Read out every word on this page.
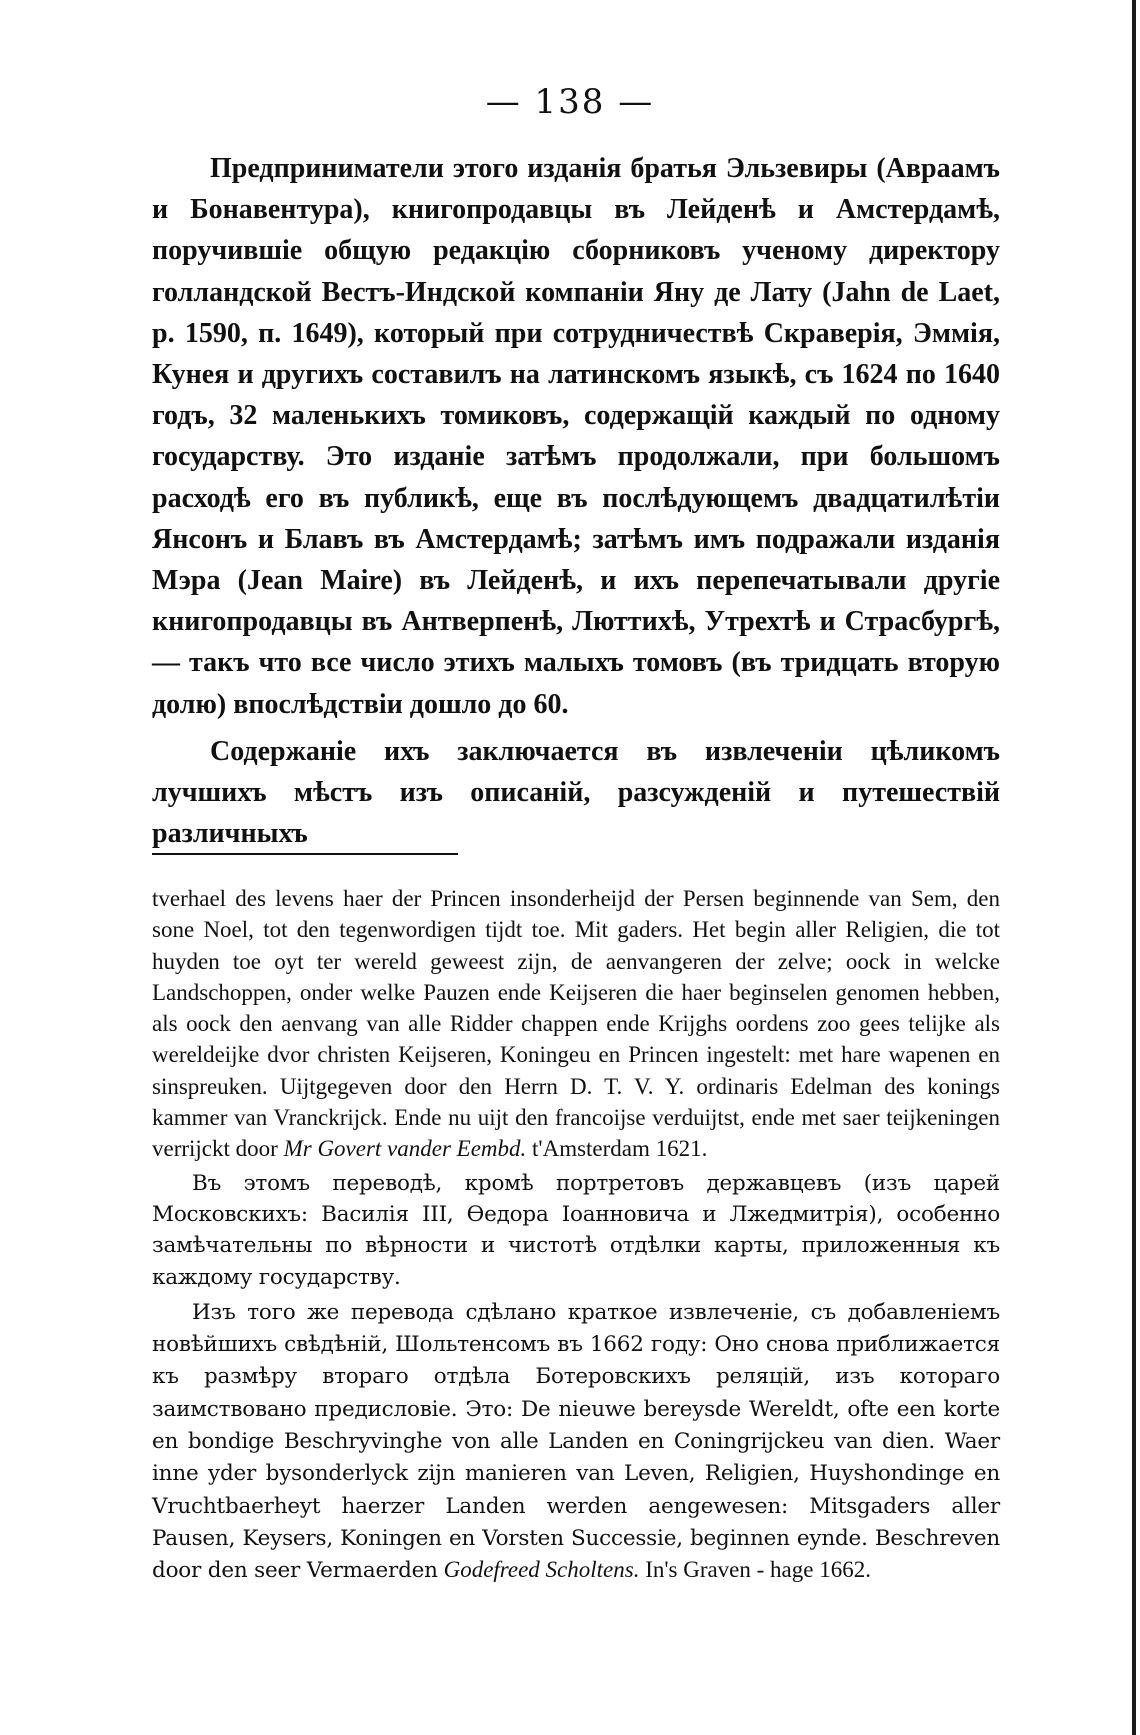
— 138 —

Предприниматели этого изданія братья Эльзевиры (Авраамъ и Бонавентура), книгопродавцы въ Лейденѣ и Амстердамѣ, поручившіе общую редакцію сборниковъ ученому директору голландской Вестъ-Индской компаніи Яну де Лату (Jahn de Laet, р. 1590, п. 1649), который при сотрудничествѣ Скраверія, Эммія, Кунея и другихъ составилъ на латинскомъ языкѣ, съ 1624 по 1640 годъ, 32 маленькихъ томиковъ, содержащій каждый по одному государству. Это изданіе затѣмъ продолжали, при большомъ расходѣ его въ публикѣ, еще въ послѣдующемъ двадцатилѣтіи Янсонъ и Блавъ въ Амстердамѣ; затѣмъ имъ подражали изданія Мэра (Jean Maire) въ Лейденѣ, и ихъ перепечатывали другіе книгопродавцы въ Антверпенѣ, Люттихѣ, Утрехтѣ и Страсбургѣ, — такъ что все число этихъ малыхъ томовъ (въ тридцать вторую долю) впослѣдствіи дошло до 60.

Содержаніе ихъ заключается въ извлеченіи цѣликомъ лучшихъ мѣстъ изъ описаній, разсужденій и путешествій различныхъ

tverhael des levens haer der Princen insonderheijd der Persen beginnende van Sem, den sone Noel, tot den tegenwordigen tijdt toe. Mit gaders. Het begin aller Religien, die tot huyden toe oyt ter wereld geweest zijn, de aenvangeren der zelve; oock in welcke Landschoppen, onder welke Pauzen ende Keijseren die haer beginselen genomen hebben, als oock den aenvang van alle Ridder chappen ende Krijghs oordens zoo gees telijke als wereldeijke dvor christen Keijseren, Koningeu en Princen ingestelt: met hare wapenen en sinspreuken. Uijtgegeven door den Herrn D. T. V. Y. ordinaris Edelman des konings kammer van Vranckrijck. Ende nu uijt den francoijse verduijtst, ende met saer teijkeningen verrijckt door Mr Govert vander Eembd. t'Amsterdam 1621.

Въ этомъ переводѣ, кромѣ портретовъ державцевъ (изъ царей Московскихъ: Василія III, Өедора Іоанновича и Лжедмитрія), особенно замѣчательны по вѣрности и чистотѣ отдѣлки карты, приложенныя къ каждому государству.

Изъ того же перевода сдѣлано краткое извлеченіе, съ добавленіемъ новѣйшихъ свѣдѣній, Шольтенсомъ въ 1662 году: Оно снова приближается къ размѣру втораго отдѣла Ботеровскихъ реляцій, изъ котораго заимствовано предисловіе. Это: De nieuwe bereysde Wereldt, ofte een korte en bondige Beschryvinghe von alle Landen en Coningrijckeu van dien. Waer inne yder bysonderlyck zijn manieren van Leven, Religien, Huyshondinge en Vruchtbaerheyt haerzer Landen werden aengewesen: Mitsgaders aller Pausen, Keysers, Koningen en Vorsten Successie, beginnen eynde. Beschreven door den seer Vermaerden Godefreed Scholtens. In's Graven - hage 1662.
